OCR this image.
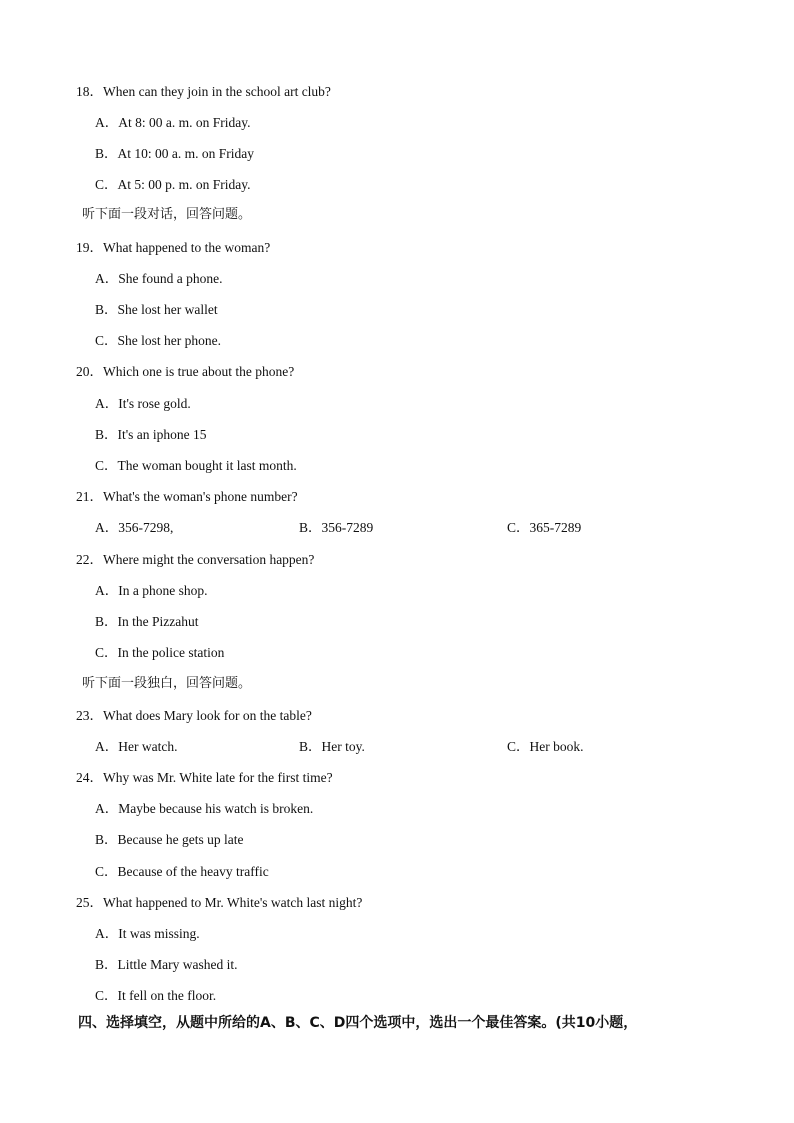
18．When can they join in the school art club?
A．At 8: 00 a. m. on Friday.
B．At 10: 00 a. m. on Friday
C．At 5: 00 p. m. on Friday.
听下面一段对话，回答问题。
19．What happened to the woman?
A．She found a phone.
B．She lost her wallet
C．She lost her phone.
20．Which one is true about the phone?
A．It's rose gold.
B．It's an iphone 15
C．The woman bought it last month.
21．What's the woman's phone number?
A．356-7298,	B．356-7289	C．365-7289
22．Where might the conversation happen?
A．In a phone shop.
B．In the Pizzahut
C．In the police station
听下面一段独白，回答问题。
23．What does Mary look for on the table?
A．Her watch.	B．Her toy.	C．Her book.
24．Why was Mr. White late for the first time?
A．Maybe because his watch is broken.
B．Because he gets up late
C．Because of the heavy traffic
25．What happened to Mr. White's watch last night?
A．It was missing.
B．Little Mary washed it.
C．It fell on the floor.
四、选择填空，从题中所给的A、B、C、D四个选项中，选出一个最佳答案。(共10小题，
